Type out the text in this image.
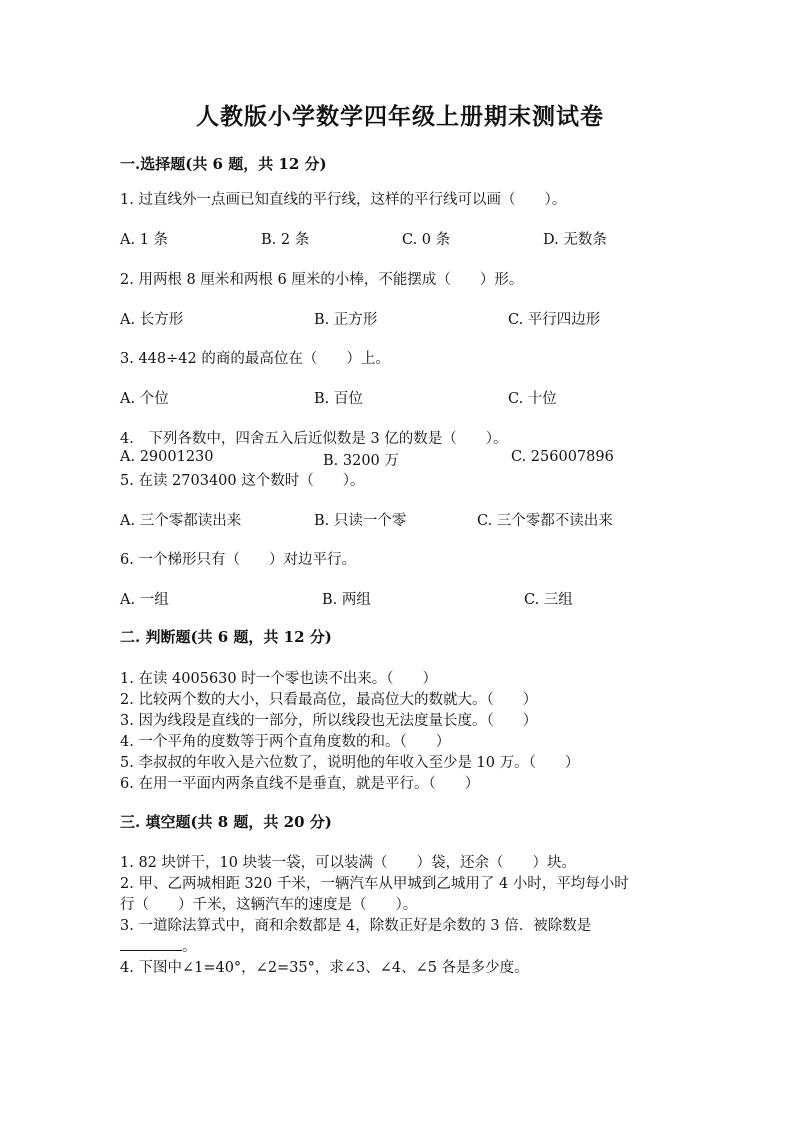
人教版小学数学四年级上册期末测试卷
一.选择题(共 6 题，共 12 分)
1. 过直线外一点画已知直线的平行线，这样的平行线可以画（　　）。
A. 1 条	B. 2 条	C. 0 条	D. 无数条
2. 用两根 8 厘米和两根 6 厘米的小棒，不能摆成（　　）形。
A. 长方形	B. 正方形	C. 平行四边形
3. 448÷42 的商的最高位在（　　）上。
A. 个位	B. 百位	C. 十位
4.　下列各数中，四舍五入后近似数是 3 亿的数是（　　）。
A. 29001230	B. 3200 万	C. 256007896
5. 在读 2703400 这个数时（　　）。
A. 三个零都读出来	B. 只读一个零	C. 三个零都不读出来
6. 一个梯形只有（　　）对边平行。
A. 一组	B. 两组	C. 三组
二. 判断题(共 6 题，共 12 分)
1. 在读 4005630 时一个零也读不出来。（　　）
2. 比较两个数的大小，只看最高位，最高位大的数就大。（　　）
3. 因为线段是直线的一部分，所以线段也无法度量长度。（　　）
4. 一个平角的度数等于两个直角度数的和。（　　）
5. 李叔叔的年收入是六位数了，说明他的年收入至少是 10 万。（　　）
6. 在用一平面内两条直线不是垂直，就是平行。（　　）
三. 填空题(共 8 题，共 20 分)
1. 82 块饼干，10 块装一袋，可以装满（　　）袋，还余（　　）块。
2. 甲、乙两城相距 320 千米，一辆汽车从甲城到乙城用了 4 小时，平均每小时
行（　　）千米，这辆汽车的速度是（　　）。
3. 一道除法算式中，商和余数都是 4，除数正好是余数的 3 倍．被除数是
。
4. 下图中∠1=40°，∠2=35°，求∠3、∠4、∠5 各是多少度。
